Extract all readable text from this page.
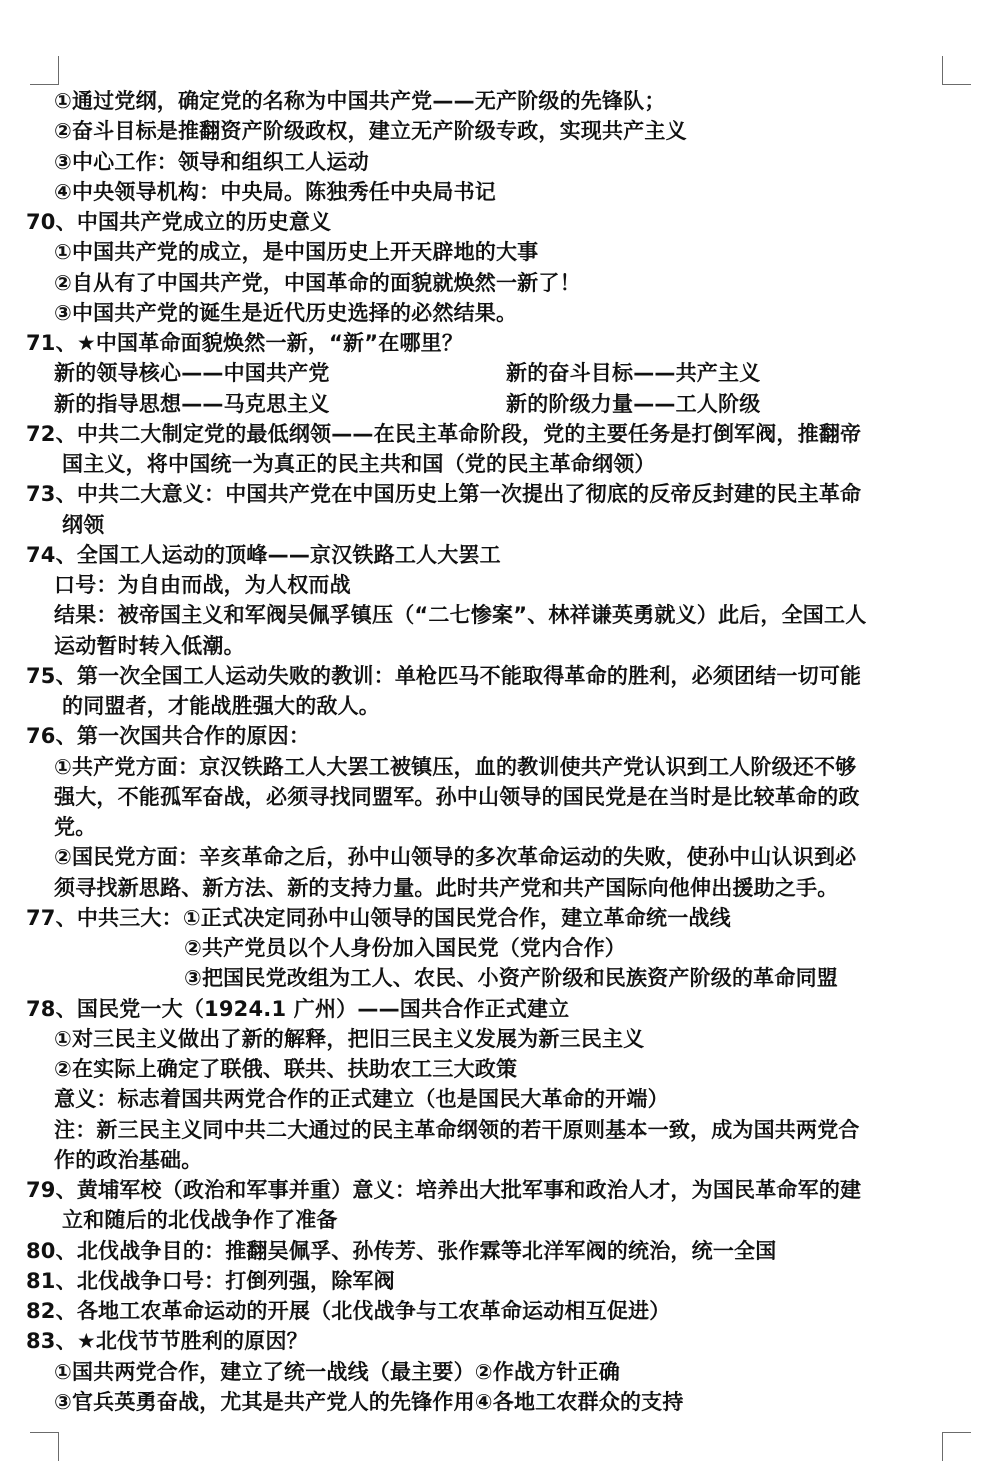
①通过党纲，确定党的名称为中国共产党——无产阶级的先锋队；
②奋斗目标是推翻资产阶级政权，建立无产阶级专政，实现共产主义
③中心工作：领导和组织工人运动
④中央领导机构：中央局。陈独秀任中央局书记
70、中国共产党成立的历史意义
①中国共产党的成立，是中国历史上开天辟地的大事
②自从有了中国共产党，中国革命的面貌就焕然一新了！
③中国共产党的诞生是近代历史选择的必然结果。
71、★中国革命面貌焕然一新，“新”在哪里？
新的领导核心——中国共产党	新的奋斗目标——共产主义
新的指导思想——马克思主义	新的阶级力量——工人阶级
72、中共二大制定党的最低纲领——在民主革命阶段，党的主要任务是打倒军阀，推翻帝
国主义，将中国统一为真正的民主共和国（党的民主革命纲领）
73、中共二大意义：中国共产党在中国历史上第一次提出了彻底的反帝反封建的民主革命
纲领
74、全国工人运动的顶峰——京汉铁路工人大罢工
口号：为自由而战，为人权而战
结果：被帝国主义和军阀吴佩孚镇压（“二七惨案”、林祥谦英勇就义）此后，全国工人
运动暂时转入低潮。
75、第一次全国工人运动失败的教训：单枪匹马不能取得革命的胜利，必须团结一切可能
的同盟者，才能战胜强大的敌人。
76、第一次国共合作的原因：
①共产党方面：京汉铁路工人大罢工被镇压，血的教训使共产党认识到工人阶级还不够
强大，不能孤军奋战，必须寻找同盟军。孙中山领导的国民党是在当时是比较革命的政
党。
②国民党方面：辛亥革命之后，孙中山领导的多次革命运动的失败，使孙中山认识到必
须寻找新思路、新方法、新的支持力量。此时共产党和共产国际向他伸出援助之手。
77、中共三大：①正式决定同孙中山领导的国民党合作，建立革命统一战线
②共产党员以个人身份加入国民党（党内合作）
③把国民党改组为工人、农民、小资产阶级和民族资产阶级的革命同盟
78、国民党一大（1924.1 广州）——国共合作正式建立
①对三民主义做出了新的解释，把旧三民主义发展为新三民主义
②在实际上确定了联俄、联共、扶助农工三大政策
意义：标志着国共两党合作的正式建立（也是国民大革命的开端）
注：新三民主义同中共二大通过的民主革命纲领的若干原则基本一致，成为国共两党合
作的政治基础。
79、黄埔军校（政治和军事并重）意义：培养出大批军事和政治人才，为国民革命军的建
立和随后的北伐战争作了准备
80、北伐战争目的：推翻吴佩孚、孙传芳、张作霖等北洋军阀的统治，统一全国
81、北伐战争口号：打倒列强，除军阀
82、各地工农革命运动的开展（北伐战争与工农革命运动相互促进）
83、★北伐节节胜利的原因？
①国共两党合作，建立了统一战线（最主要）②作战方针正确
③官兵英勇奋战，尤其是共产党人的先锋作用④各地工农群众的支持
